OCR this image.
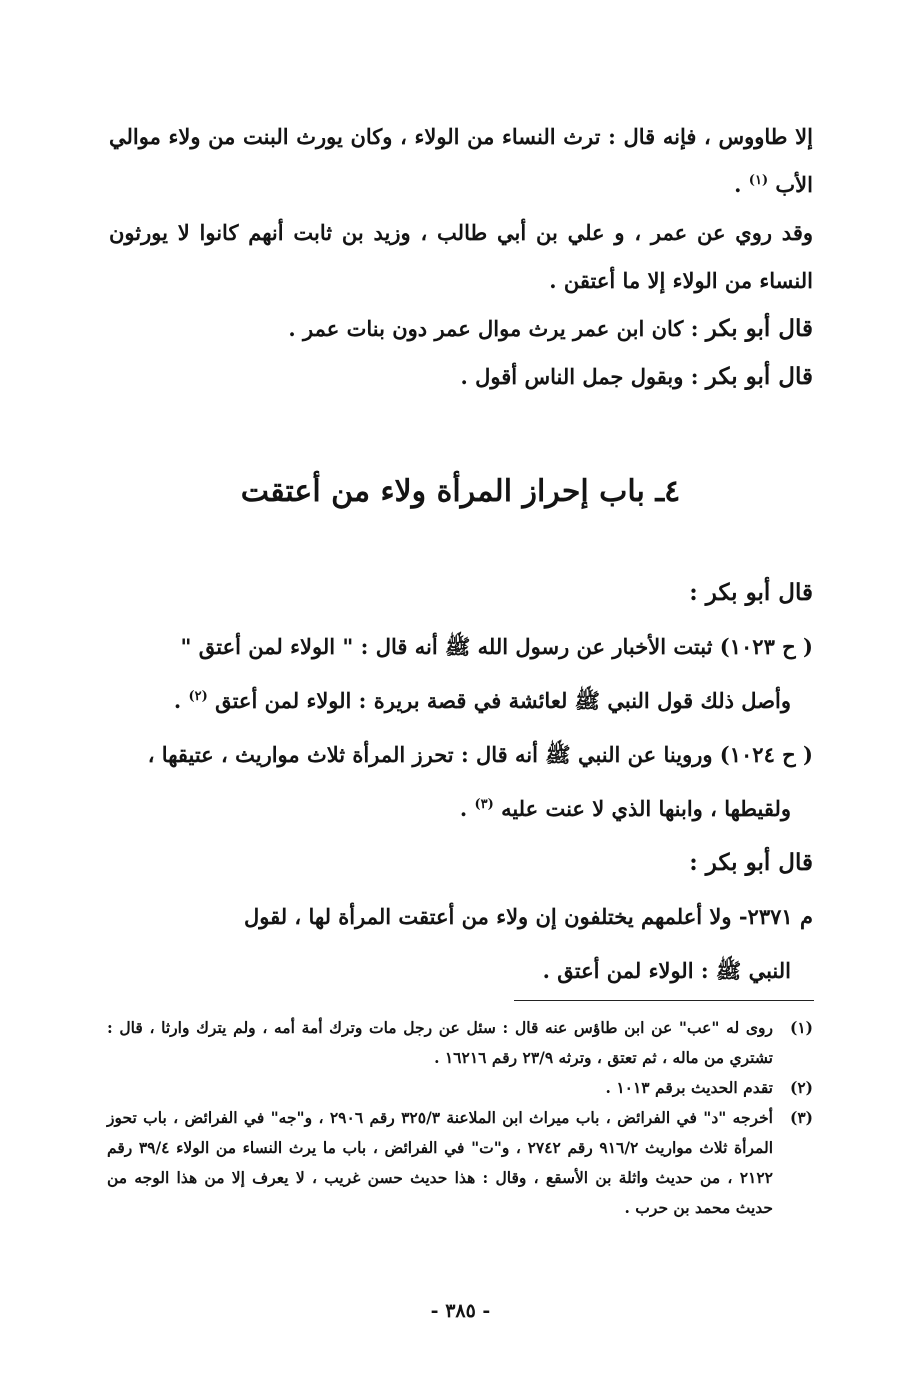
إلا طاووس ، فإنه قال : ترث النساء من الولاء ، وكان يورث البنت من ولاء موالي الأب $^{(١)}$ .

وقد روي عن عمر ، و علي بن أبي طالب ، وزيد بن ثابت أنهم كانوا لا يورثون النساء من الولاء إلا ما أعتقن .

قال أبو بكر : كان ابن عمر يرث موال عمر دون بنات عمر .

قال أبو بكر : وبقول جمل الناس أقول .

٤ـ باب إحراز المرأة ولاء من أعتقت

قال أبو بكر :

( ح ١٠٢٣) ثبتت الأخبار عن رسول الله ﷺ أنه قال : " الولاء لمن أعتق "

وأصل ذلك قول النبي ﷺ لعائشة في قصة بريرة : الولاء لمن أعتق $^{(٢)}$ .

( ح ١٠٢٤) وروينا عن النبي ﷺ أنه قال : تحرز المرأة ثلاث مواريث ، عتيقها ،

ولقيطها ، وابنها الذي لا عنت عليه $^{(٣)}$ .

قال أبو بكر :

م ٢٣٧١- ولا أعلمهم يختلفون إن ولاء من أعتقت المرأة لها ، لقول

النبي ﷺ : الولاء لمن أعتق .

(١)
روى له "عب" عن ابن طاؤس عنه قال : سئل عن رجل مات وترك أمة أمه ، ولم يترك وارثا ، قال : تشتري من ماله ، ثم تعتق ، وترثه ٢٣/٩ رقم ١٦٢١٦ .
(٢)
تقدم الحديث برقم ١٠١٣ .
(٣)
أخرجه "د" في الفرائض ، باب ميراث ابن الملاعنة ٣٢٥/٣ رقم ٢٩٠٦ ، و"جه" في الفرائض ، باب تحوز المرأة ثلاث مواريث ٩١٦/٢ رقم ٢٧٤٢ ، و"ت" في الفرائض ، باب ما يرث النساء من الولاء ٣٩/٤ رقم ٢١٢٢ ، من حديث واثلة بن الأسقع ، وقال : هذا حديث حسن غريب ، لا يعرف إلا من هذا الوجه من حديث محمد بن حرب .
- ٣٨٥ -
